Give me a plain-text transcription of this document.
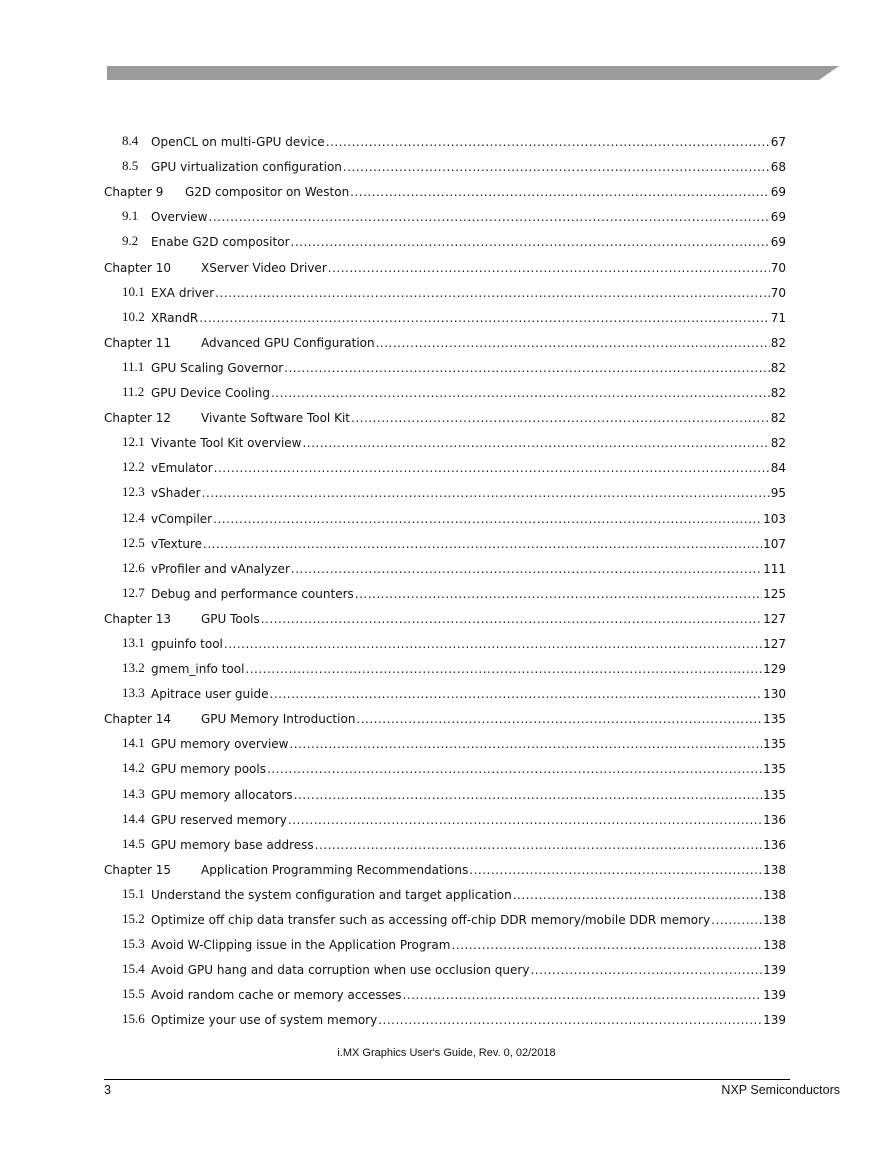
8.4	OpenCL on multi-GPU device .....	67
8.5	GPU virtualization configuration .....	68
Chapter 9	G2D compositor on Weston .....	69
9.1	Overview .....	69
9.2	Enabe G2D compositor .....	69
Chapter 10	XServer Video Driver .....	70
10.1 EXA driver .....	70
10.2 XRandR .....	71
Chapter 11	Advanced GPU Configuration .....	82
11.1 GPU Scaling Governor .....	82
11.2 GPU Device Cooling .....	82
Chapter 12	Vivante Software Tool Kit .....	82
12.1 Vivante Tool Kit overview .....	82
12.2 vEmulator .....	84
12.3 vShader .....	95
12.4 vCompiler .....	103
12.5 vTexture .....	107
12.6 vProfiler and vAnalyzer .....	111
12.7 Debug and performance counters .....	125
Chapter 13	GPU Tools .....	127
13.1 gpuinfo tool .....	127
13.2 gmem_info tool .....	129
13.3 Apitrace user guide .....	130
Chapter 14	GPU Memory Introduction .....	135
14.1 GPU memory overview .....	135
14.2 GPU memory pools .....	135
14.3 GPU memory allocators .....	135
14.4 GPU reserved memory .....	136
14.5 GPU memory base address .....	136
Chapter 15	Application Programming Recommendations .....	138
15.1 Understand the system configuration and target application .....	138
15.2 Optimize off chip data transfer such as accessing off-chip DDR memory/mobile DDR memory .....	138
15.3 Avoid W-Clipping issue in the Application Program .....	138
15.4 Avoid GPU hang and data corruption when use occlusion query .....	139
15.5 Avoid random cache or memory accesses .....	139
15.6 Optimize your use of system memory .....	139
i.MX Graphics User's Guide, Rev. 0, 02/2018
3	NXP Semiconductors
